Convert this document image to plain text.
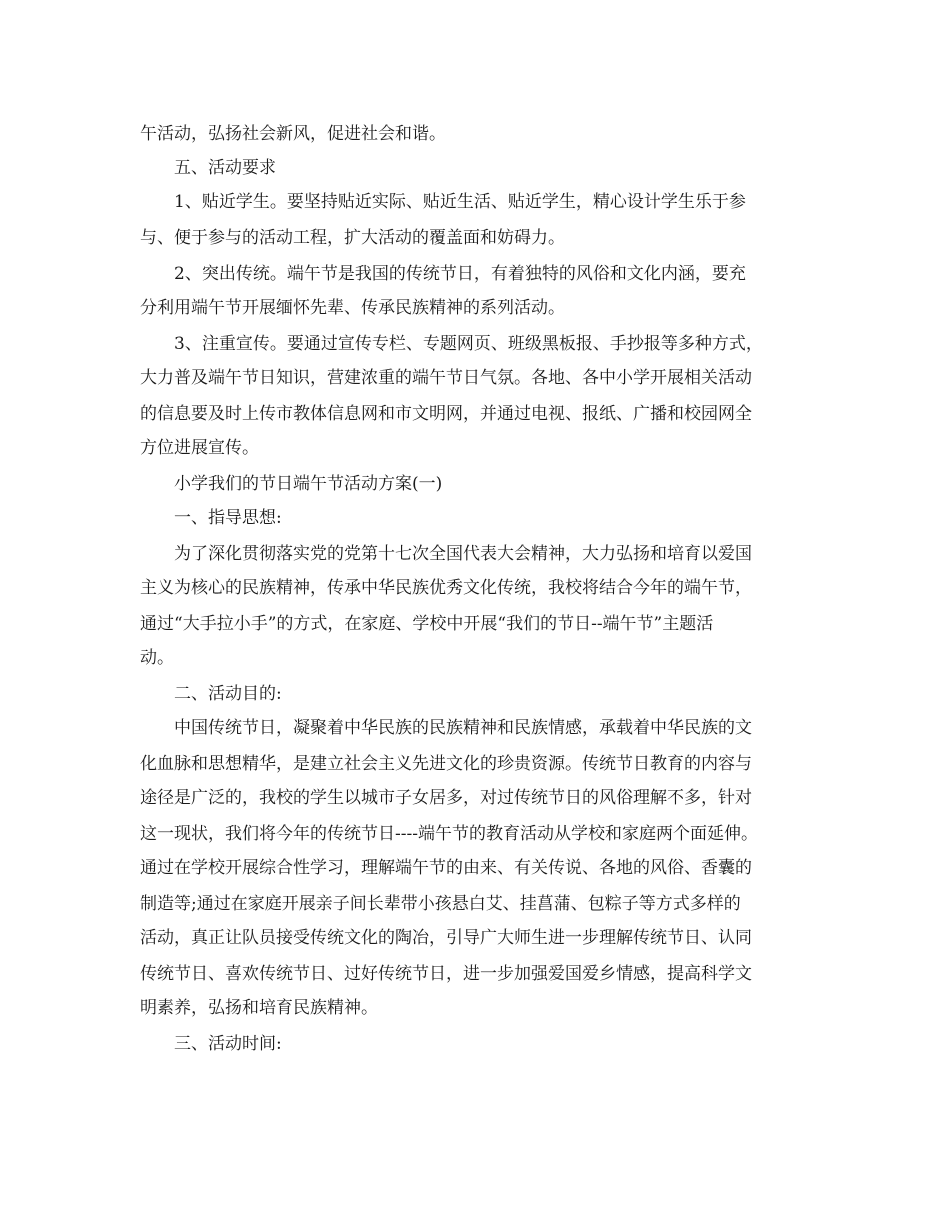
午活动，弘扬社会新风，促进社会和谐。
五、活动要求
1、贴近学生。要坚持贴近实际、贴近生活、贴近学生，精心设计学生乐于参
与、便于参与的活动工程，扩大活动的覆盖面和妨碍力。
2、突出传统。端午节是我国的传统节日，有着独特的风俗和文化内涵，要充
分利用端午节开展缅怀先辈、传承民族精神的系列活动。
3、注重宣传。要通过宣传专栏、专题网页、班级黑板报、手抄报等多种方式，
大力普及端午节日知识，营建浓重的端午节日气氛。各地、各中小学开展相关活动
的信息要及时上传市教体信息网和市文明网，并通过电视、报纸、广播和校园网全
方位进展宣传。
小学我们的节日端午节活动方案(一)
一、指导思想:
为了深化贯彻落实党的党第十七次全国代表大会精神，大力弘扬和培育以爱国
主义为核心的民族精神，传承中华民族优秀文化传统，我校将结合今年的端午节，
通过“大手拉小手”的方式，在家庭、学校中开展“我们的节日--端午节”主题活
动。
二、活动目的:
中国传统节日，凝聚着中华民族的民族精神和民族情感，承载着中华民族的文
化血脉和思想精华，是建立社会主义先进文化的珍贵资源。传统节日教育的内容与
途径是广泛的，我校的学生以城市子女居多，对过传统节日的风俗理解不多，针对
这一现状，我们将今年的传统节日----端午节的教育活动从学校和家庭两个面延伸。
通过在学校开展综合性学习，理解端午节的由来、有关传说、各地的风俗、香囊的
制造等;通过在家庭开展亲子间长辈带小孩悬白艾、挂菖蒲、包粽子等方式多样的
活动，真正让队员接受传统文化的陶冶，引导广大师生进一步理解传统节日、认同
传统节日、喜欢传统节日、过好传统节日，进一步加强爱国爱乡情感，提高科学文
明素养，弘扬和培育民族精神。
三、活动时间:
